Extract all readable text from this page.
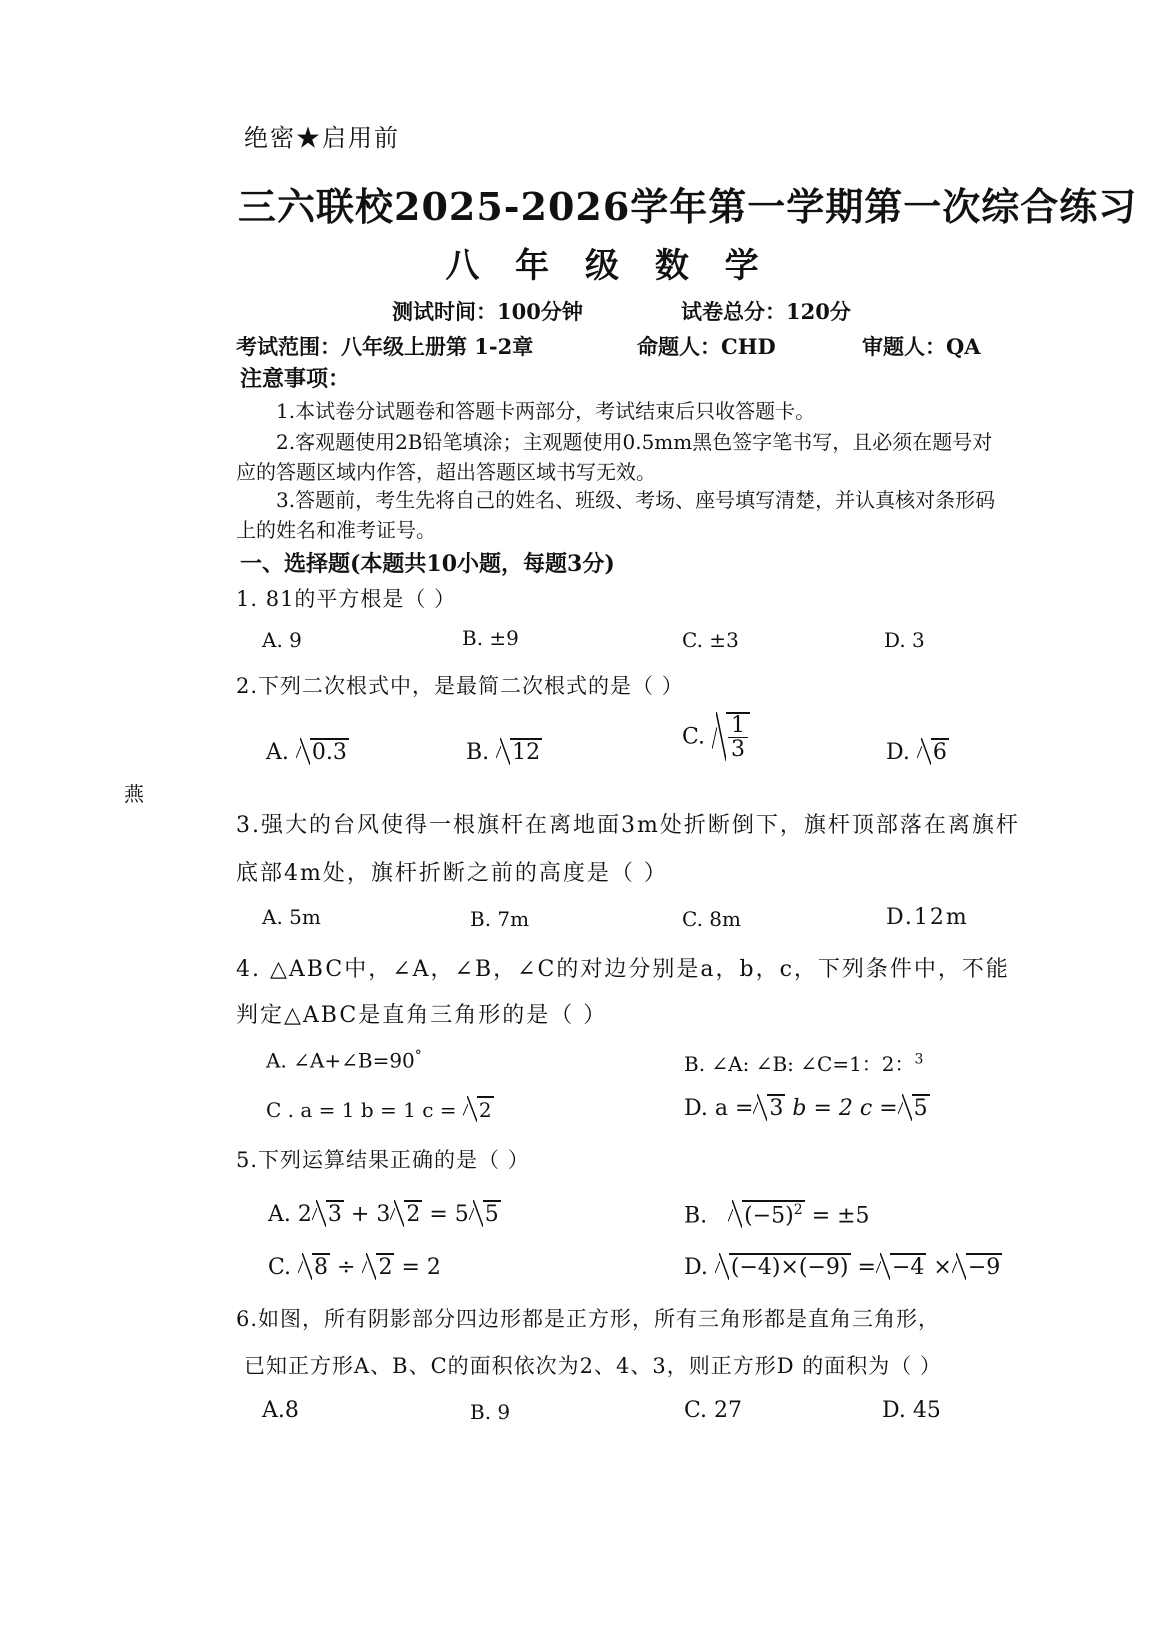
绝密★启用前
三六联校2025-2026学年第一学期第一次综合练习
八 年 级 数 学
测试时间：100分钟	试卷总分：120分
考试范围：八年级上册第 1-2章	命题人：CHD	审题人：QA
注意事项：
1.本试卷分试题卷和答题卡两部分，考试结束后只收答题卡。
2.客观题使用2B铅笔填涂；主观题使用0.5mm黑色签字笔书写，且必须在题号对
应的答题区域内作答，超出答题区域书写无效。
3.答题前，考生先将自己的姓名、班级、考场、座号填写清楚，并认真核对条形码
上的姓名和准考证号。
一、选择题(本题共10小题，每题3分)
燕
1. 81的平方根是（ ）
A. 9	B. ±9	C. ±3	D. 3
2.下列二次根式中，是最简二次根式的是（ ）
A. 0.3	B. 12
C. $\frac{1}{3}$	D. 6
3.强大的台风使得一根旗杆在离地面3m处折断倒下，旗杆顶部落在离旗杆
底部4m处，旗杆折断之前的高度是（ ）
A. 5m	B. 7m	C. 8m	D.12m
4. △ABC中，∠A，∠B，∠C的对边分别是a，b，c，下列条件中，不能
判定△ABC是直角三角形的是（ ）
A. ∠A+∠B=90°	B. ∠A: ∠B: ∠C=1：2：$^3$
C . a = 1 b = 1 c = 2	D. a = 3 b = 2 c = 5
5.下列运算结果正确的是（ ）
A. 2 3 + 3 2 = 5 5	B. $(-5)^2 = \pm 5$
C. 8 ÷ 2 = 2	D. (−4)×(−9) = −4 × −9
6.如图，所有阴影部分四边形都是正方形，所有三角形都是直角三角形，
已知正方形A、B、C的面积依次为2、4、3，则正方形D 的面积为（ ）
A.8	B. 9	C. 27	D. 45
